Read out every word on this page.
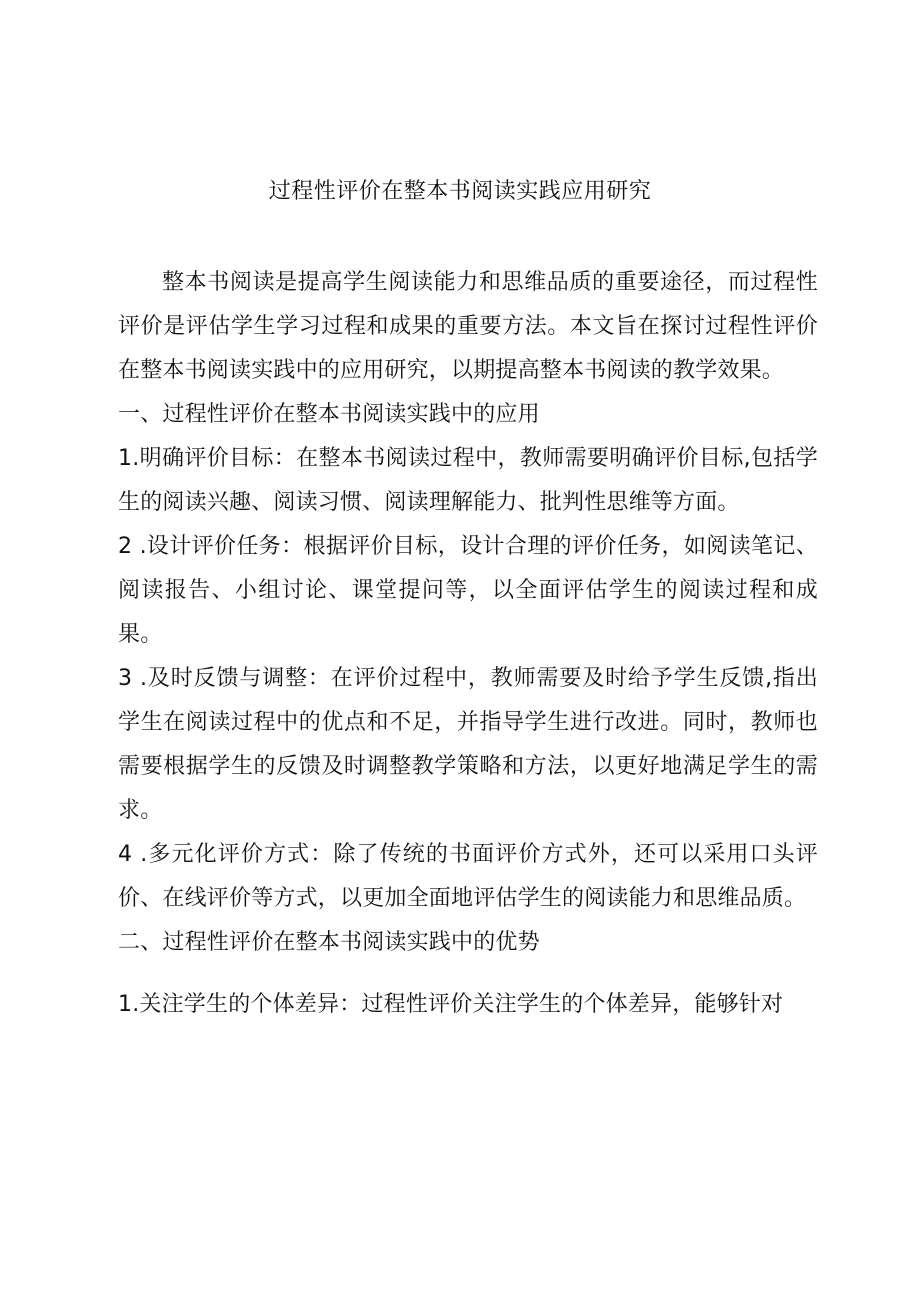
过程性评价在整本书阅读实践应用研究

整本书阅读是提高学生阅读能力和思维品质的重要途径，而过程性评价是评估学生学习过程和成果的重要方法。本文旨在探讨过程性评价在整本书阅读实践中的应用研究，以期提高整本书阅读的教学效果。

一、过程性评价在整本书阅读实践中的应用

1.明确评价目标：在整本书阅读过程中，教师需要明确评价目标,包括学生的阅读兴趣、阅读习惯、阅读理解能力、批判性思维等方面。

2 .设计评价任务：根据评价目标，设计合理的评价任务，如阅读笔记、阅读报告、小组讨论、课堂提问等，以全面评估学生的阅读过程和成果。

3 .及时反馈与调整：在评价过程中，教师需要及时给予学生反馈,指出学生在阅读过程中的优点和不足，并指导学生进行改进。同时，教师也需要根据学生的反馈及时调整教学策略和方法，以更好地满足学生的需求。

4 .多元化评价方式：除了传统的书面评价方式外，还可以采用口头评价、在线评价等方式，以更加全面地评估学生的阅读能力和思维品质。

二、过程性评价在整本书阅读实践中的优势

1.关注学生的个体差异：过程性评价关注学生的个体差异，能够针对
